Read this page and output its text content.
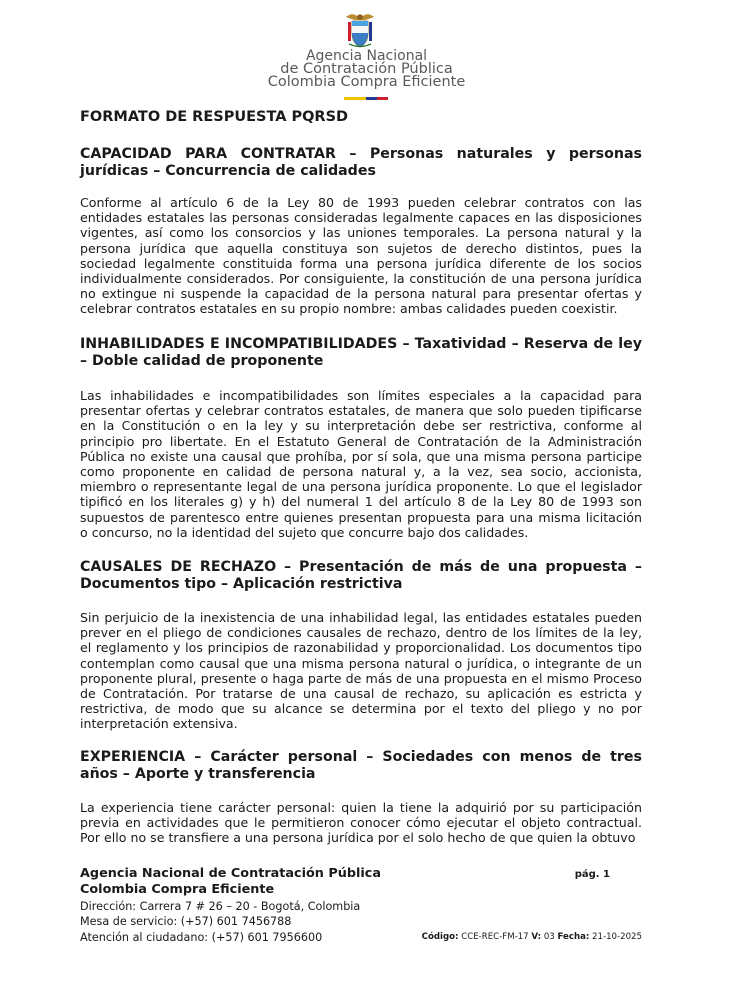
Agencia Nacional
de Contratación Pública
Colombia Compra Eficiente
FORMATO DE RESPUESTA PQRSD
CAPACIDAD PARA CONTRATAR – Personas naturales y personas jurídicas – Concurrencia de calidades

Conforme al artículo 6 de la Ley 80 de 1993 pueden celebrar contratos con las entidades estatales las personas consideradas legalmente capaces en las disposiciones vigentes, así como los consorcios y las uniones temporales. La persona natural y la persona jurídica que aquella constituya son sujetos de derecho distintos, pues la sociedad legalmente constituida forma una persona jurídica diferente de los socios individualmente considerados. Por consiguiente, la constitución de una persona jurídica no extingue ni suspende la capacidad de la persona natural para presentar ofertas y celebrar contratos estatales en su propio nombre: ambas calidades pueden coexistir.

INHABILIDADES E INCOMPATIBILIDADES – Taxatividad – Reserva de ley – Doble calidad de proponente

Las inhabilidades e incompatibilidades son límites especiales a la capacidad para presentar ofertas y celebrar contratos estatales, de manera que solo pueden tipificarse en la Constitución o en la ley y su interpretación debe ser restrictiva, conforme al principio pro libertate. En el Estatuto General de Contratación de la Administración Pública no existe una causal que prohíba, por sí sola, que una misma persona participe como proponente en calidad de persona natural y, a la vez, sea socio, accionista, miembro o representante legal de una persona jurídica proponente. Lo que el legislador tipificó en los literales g) y h) del numeral 1 del artículo 8 de la Ley 80 de 1993 son supuestos de parentesco entre quienes presentan propuesta para una misma licitación o concurso, no la identidad del sujeto que concurre bajo dos calidades.

CAUSALES DE RECHAZO – Presentación de más de una propuesta – Documentos tipo – Aplicación restrictiva

Sin perjuicio de la inexistencia de una inhabilidad legal, las entidades estatales pueden prever en el pliego de condiciones causales de rechazo, dentro de los límites de la ley, el reglamento y los principios de razonabilidad y proporcionalidad. Los documentos tipo contemplan como causal que una misma persona natural o jurídica, o integrante de un proponente plural, presente o haga parte de más de una propuesta en el mismo Proceso de Contratación. Por tratarse de una causal de rechazo, su aplicación es estricta y restrictiva, de modo que su alcance se determina por el texto del pliego y no por interpretación extensiva.

EXPERIENCIA – Carácter personal – Sociedades con menos de tres años – Aporte y transferencia

La experiencia tiene carácter personal: quien la tiene la adquirió por su participación previa en actividades que le permitieron conocer cómo ejecutar el objeto contractual. Por ello no se transfiere a una persona jurídica por el solo hecho de que quien la obtuvo

Agencia Nacional de Contratación Pública
Colombia Compra Eficiente
Dirección: Carrera 7 # 26 – 20 - Bogotá, Colombia
Mesa de servicio: (+57) 601 7456788
Atención al ciudadano: (+57) 601 7956600
pág. 1
Código: CCE-REC-FM-17 V: 03 Fecha: 21-10-2025
